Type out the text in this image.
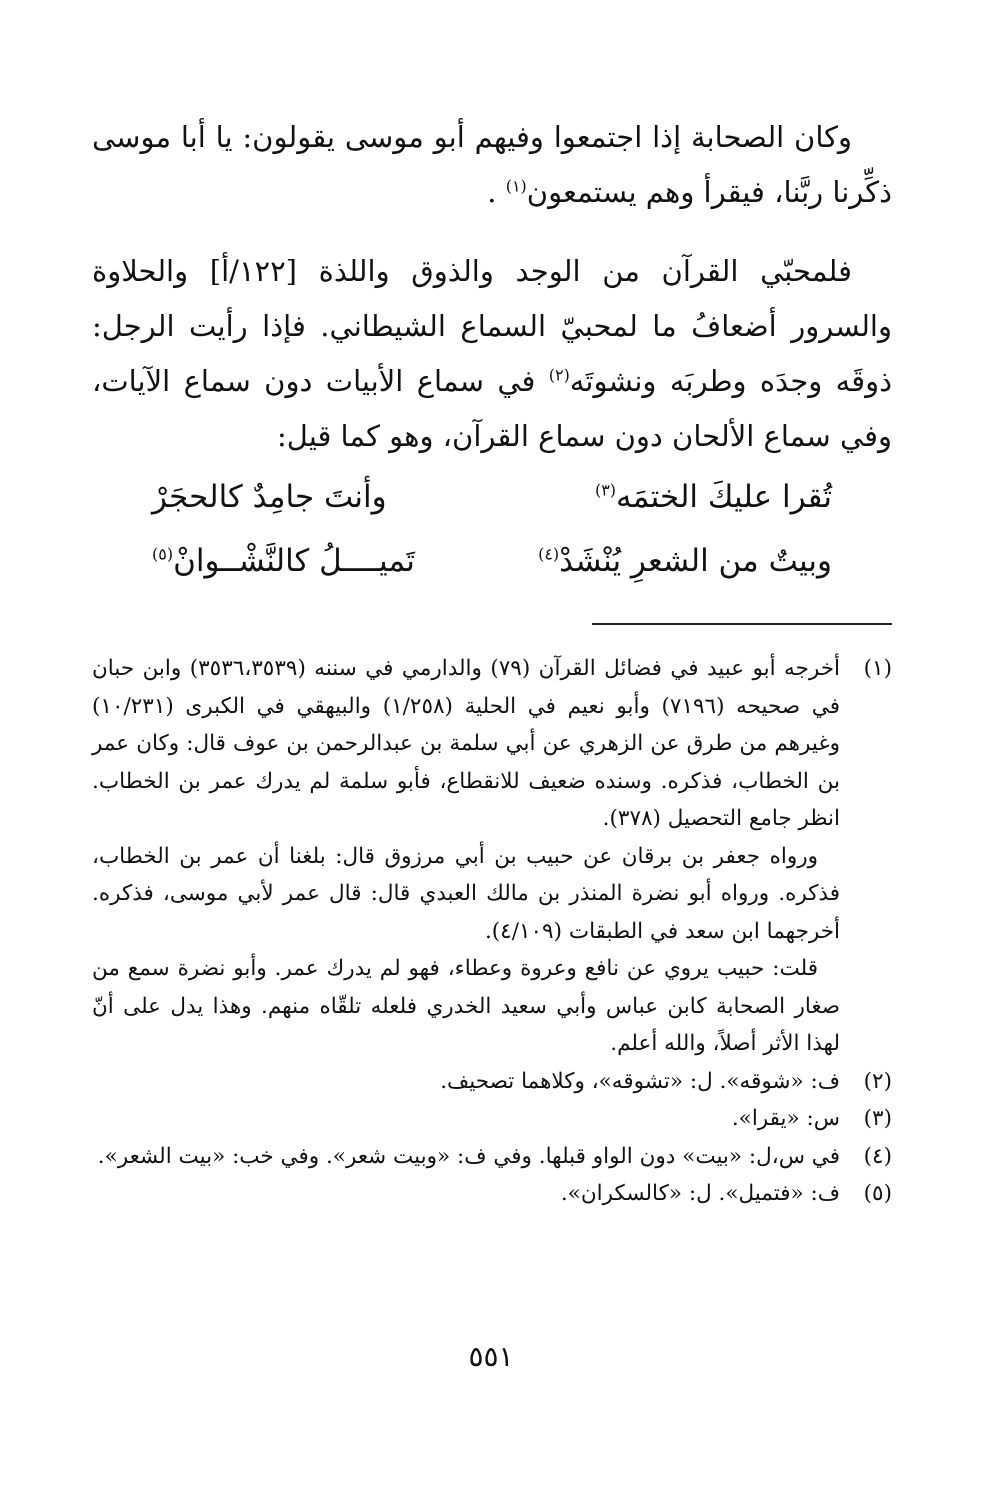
وكان الصحابة إذا اجتمعوا وفيهم أبو موسى يقولون: يا أبا موسى ذكِّرنا ربَّنا، فيقرأ وهم يستمعون$^{(١)}$ .

فلمحبّي القرآن من الوجد والذوق واللذة [١٢٢/أ] والحلاوة والسرور أضعافُ ما لمحبيّ السماع الشيطاني. فإذا رأيت الرجل: ذوقَه وجدَه وطربَه ونشوتَه$^{(٢)}$ في سماع الأبيات دون سماع الآيات، وفي سماع الألحان دون سماع القرآن، وهو كما قيل:

تُقرا عليكَ الختمَه$^{(٣)}$
وأنتَ جامِدٌ كالحجَرْ
وبيتٌ من الشعرِ يُنْشَدْ$^{(٤)}$
تَميــــلُ كالنَّشْــوانْ$^{(٥)}$
(١)

أخرجه أبو عبيد في فضائل القرآن (٧٩) والدارمي في سننه (٣٥٣٦،٣٥٣٩) وابن حبان في صحيحه (٧١٩٦) وأبو نعيم في الحلية (١/٢٥٨) والبيهقي في الكبرى (١٠/٢٣١) وغيرهم من طرق عن الزهري عن أبي سلمة بن عبدالرحمن بن عوف قال: وكان عمر بن الخطاب، فذكره. وسنده ضعيف للانقطاع، فأبو سلمة لم يدرك عمر بن الخطاب. انظر جامع التحصيل (٣٧٨).

ورواه جعفر بن برقان عن حبيب بن أبي مرزوق قال: بلغنا أن عمر بن الخطاب، فذكره. ورواه أبو نضرة المنذر بن مالك العبدي قال: قال عمر لأبي موسى، فذكره. أخرجهما ابن سعد في الطبقات (٤/١٠٩).

قلت: حبيب يروي عن نافع وعروة وعطاء، فهو لم يدرك عمر. وأبو نضرة سمع من صغار الصحابة كابن عباس وأبي سعيد الخدري فلعله تلقّاه منهم. وهذا يدل على أنّ لهذا الأثر أصلاً، والله أعلم.

(٢)

ف: «شوقه». ل: «تشوقه»، وكلاهما تصحيف.

(٣)

س: «يقرا».

(٤)

في س،ل: «بيت» دون الواو قبلها. وفي ف: «وبيت شعر». وفي خب: «بيت الشعر».

(٥)

ف: «فتميل». ل: «كالسكران».

٥٥١
